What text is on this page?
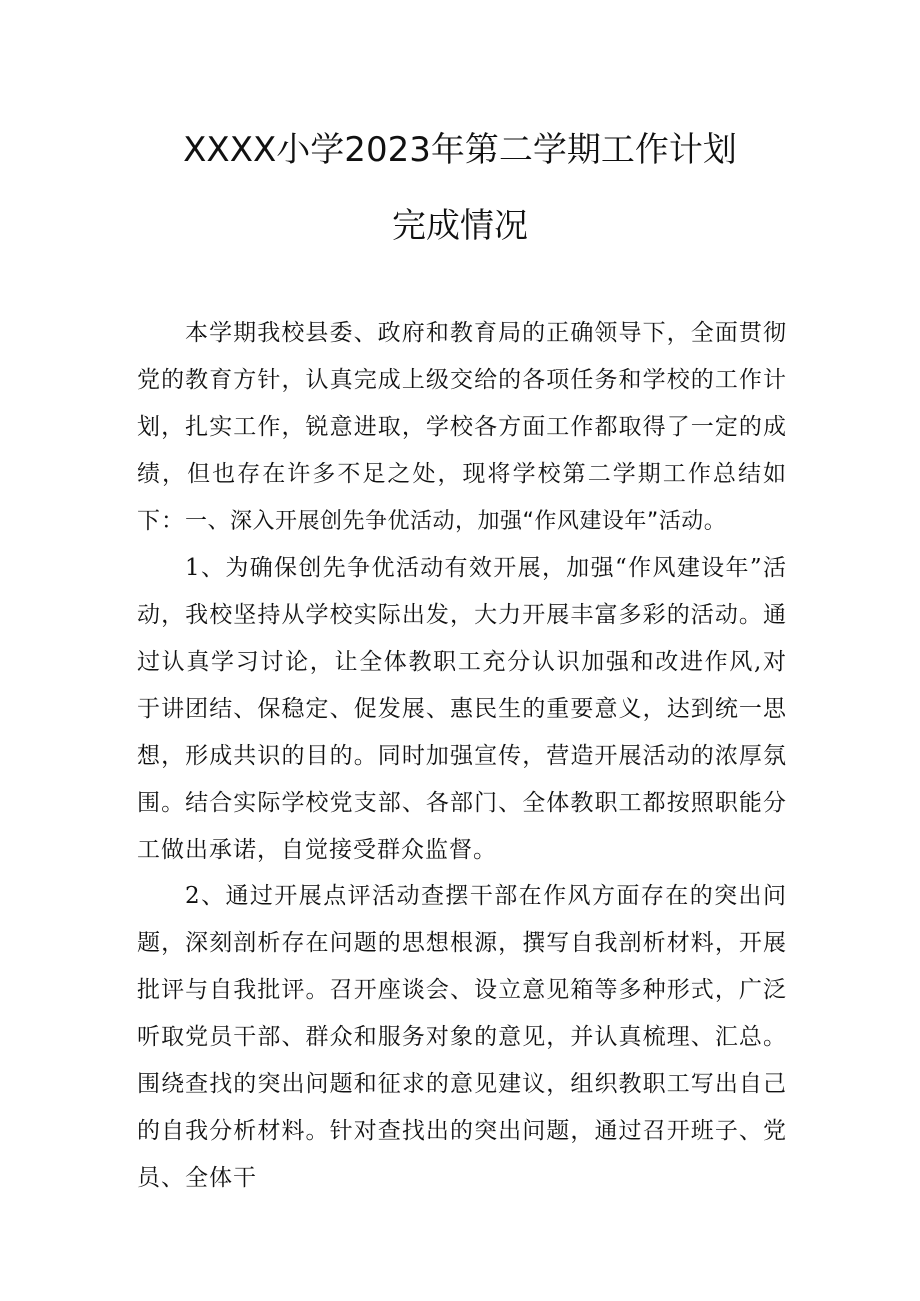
XXXX小学2023年第二学期工作计划
完成情况

本学期我校县委、政府和教育局的正确领导下，全面贯彻党的教育方针，认真完成上级交给的各项任务和学校的工作计划，扎实工作，锐意进取，学校各方面工作都取得了一定的成绩，但也存在许多不足之处，现将学校第二学期工作总结如下： 一、深入开展创先争优活动，加强“作风建设年”活动。

1、为确保创先争优活动有效开展，加强“作风建设年”活动，我校坚持从学校实际出发，大力开展丰富多彩的活动。通过认真学习讨论，让全体教职工充分认识加强和改进作风,对于讲团结、保稳定、促发展、惠民生的重要意义，达到统一思想，形成共识的目的。同时加强宣传，营造开展活动的浓厚氛围。结合实际学校党支部、各部门、全体教职工都按照职能分工做出承诺，自觉接受群众监督。

2、通过开展点评活动查摆干部在作风方面存在的突出问题，深刻剖析存在问题的思想根源，撰写自我剖析材料，开展批评与自我批评。召开座谈会、设立意见箱等多种形式，广泛听取党员干部、群众和服务对象的意见，并认真梳理、汇总。围绕查找的突出问题和征求的意见建议，组织教职工写出自己的自我分析材料。针对查找出的突出问题，通过召开班子、党员、全体干
